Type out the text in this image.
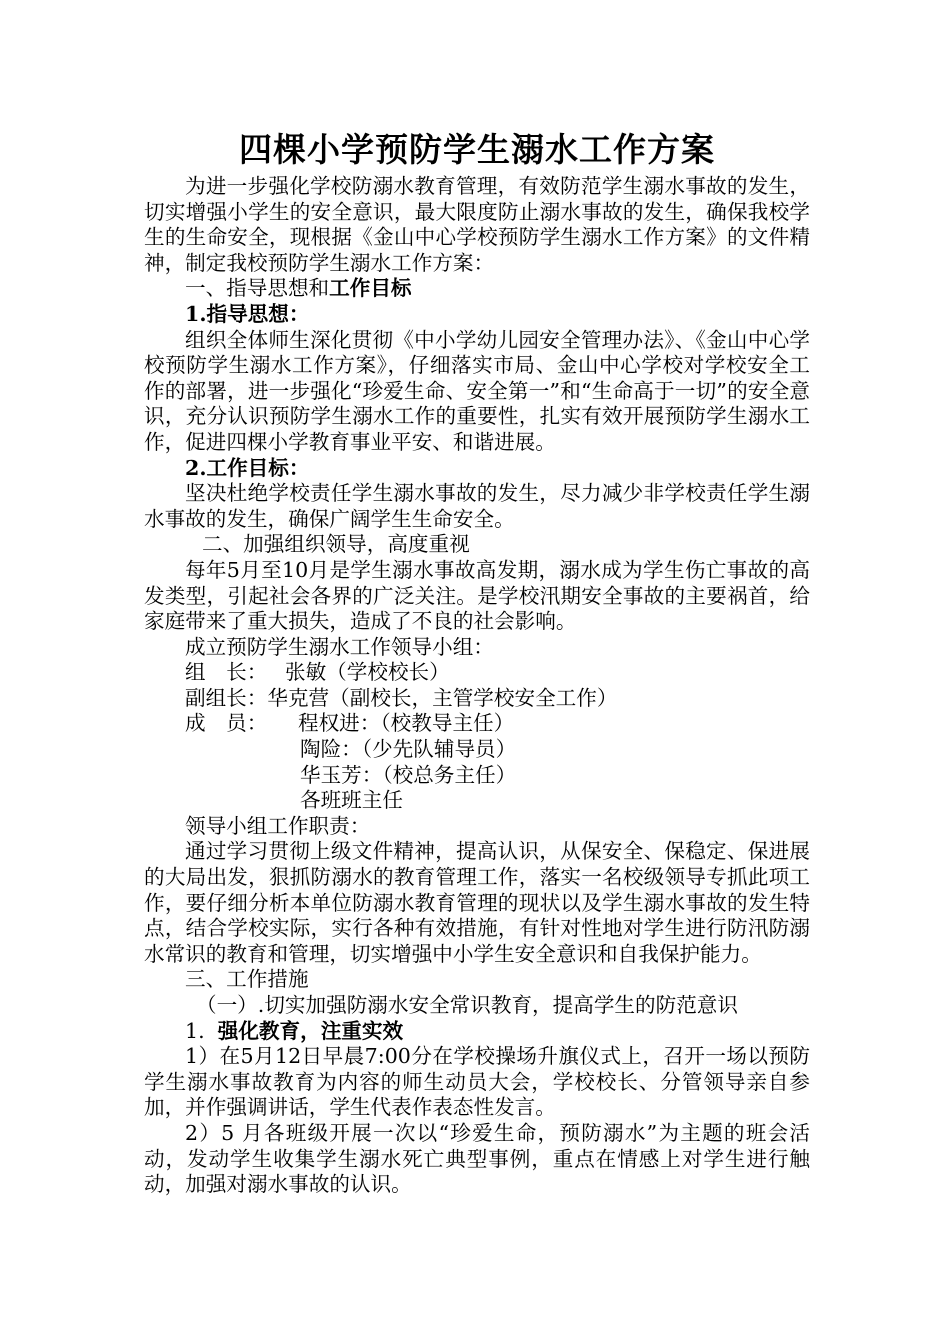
四棵小学预防学生溺水工作方案

为进一步强化学校防溺水教育管理，有效防范学生溺水事故的发生，切实增强小学生的安全意识，最大限度防止溺水事故的发生，确保我校学生的生命安全，现根据《金山中心学校预防学生溺水工作方案》的文件精神，制定我校预防学生溺水工作方案：

一、指导思想和工作目标

1.指导思想：

组织全体师生深化贯彻《中小学幼儿园安全管理办法》、《金山中心学校预防学生溺水工作方案》，仔细落实市局、金山中心学校对学校安全工作的部署，进一步强化“珍爱生命、安全第一”和“生命高于一切”的安全意识，充分认识预防学生溺水工作的重要性，扎实有效开展预防学生溺水工作，促进四棵小学教育事业平安、和谐进展。

2.工作目标：

坚决杜绝学校责任学生溺水事故的发生，尽力减少非学校责任学生溺水事故的发生，确保广阔学生生命安全。

二、加强组织领导，高度重视

每年5月至10月是学生溺水事故高发期，溺水成为学生伤亡事故的高发类型，引起社会各界的广泛关注。是学校汛期安全事故的主要祸首，给家庭带来了重大损失，造成了不良的社会影响。

成立预防学生溺水工作领导小组：

组　长： 张敏（学校校长）
副组长： 华克营（副校长，主管学校安全工作）
成　员：	程权进：（校教导主任）

陶险：（少先队辅导员）

华玉芳：（校总务主任）

各班班主任

领导小组工作职责：

通过学习贯彻上级文件精神，提高认识，从保安全、保稳定、保进展的大局出发，狠抓防溺水的教育管理工作，落实一名校级领导专抓此项工作，要仔细分析本单位防溺水教育管理的现状以及学生溺水事故的发生特点，结合学校实际，实行各种有效措施，有针对性地对学生进行防汛防溺水常识的教育和管理，切实增强中小学生安全意识和自我保护能力。

三、工作措施

（一）.切实加强防溺水安全常识教育，提高学生的防范意识

1. 强化教育，注重实效

1）在5月12日早晨7:00分在学校操场升旗仪式上，召开一场以预防学生溺水事故教育为内容的师生动员大会，学校校长、分管领导亲自参加，并作强调讲话，学生代表作表态性发言。

2）5 月各班级开展一次以“珍爱生命，预防溺水”为主题的班会活动，发动学生收集学生溺水死亡典型事例，重点在情感上对学生进行触动，加强对溺水事故的认识。
